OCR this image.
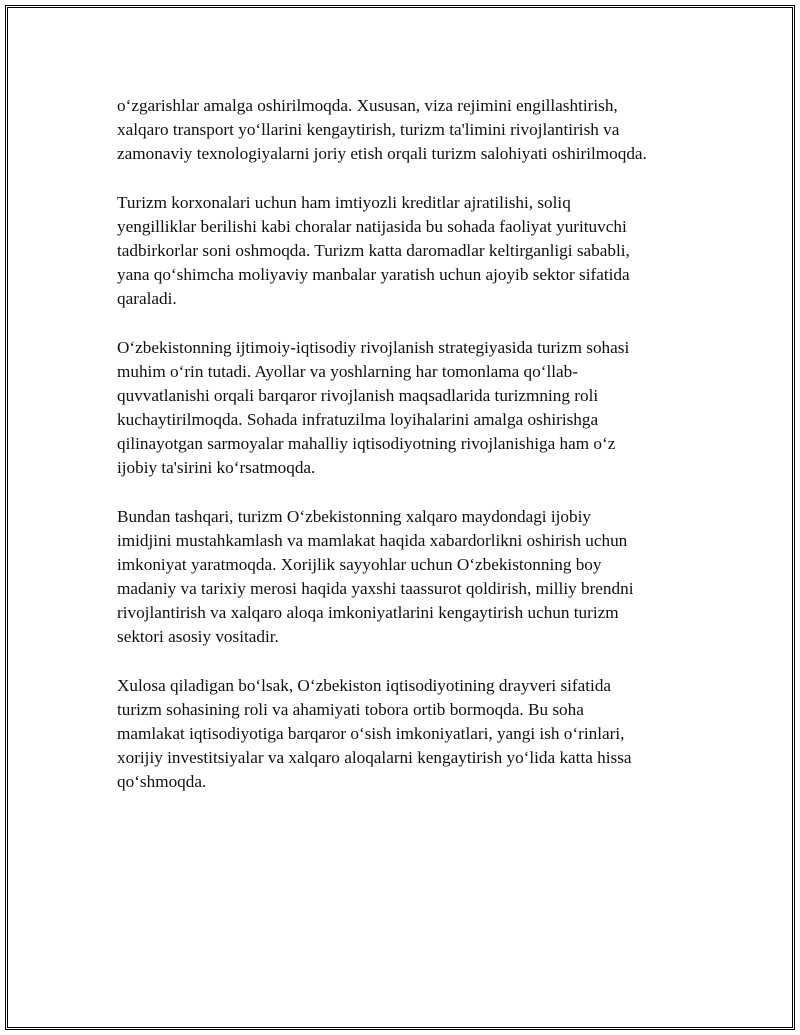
o‘zgarishlar amalga oshirilmoqda. Xususan, viza rejimini engillashtirish,
xalqaro transport yo‘llarini kengaytirish, turizm ta'limini rivojlantirish va
zamonaviy texnologiyalarni joriy etish orqali turizm salohiyati oshirilmoqda.

Turizm korxonalari uchun ham imtiyozli kreditlar ajratilishi, soliq
yengilliklar berilishi kabi choralar natijasida bu sohada faoliyat yurituvchi
tadbirkorlar soni oshmoqda. Turizm katta daromadlar keltirganligi sababli,
yana qo‘shimcha moliyaviy manbalar yaratish uchun ajoyib sektor sifatida
qaraladi.

O‘zbekistonning ijtimoiy-iqtisodiy rivojlanish strategiyasida turizm sohasi
muhim o‘rin tutadi. Ayollar va yoshlarning har tomonlama qo‘llab-
quvvatlanishi orqali barqaror rivojlanish maqsadlarida turizmning roli
kuchaytirilmoqda. Sohada infratuzilma loyihalarini amalga oshirishga
qilinayotgan sarmoyalar mahalliy iqtisodiyotning rivojlanishiga ham o‘z
ijobiy ta'sirini ko‘rsatmoqda.

Bundan tashqari, turizm O‘zbekistonning xalqaro maydondagi ijobiy
imidjini mustahkamlash va mamlakat haqida xabardorlikni oshirish uchun
imkoniyat yaratmoqda. Xorijlik sayyohlar uchun O‘zbekistonning boy
madaniy va tarixiy merosi haqida yaxshi taassurot qoldirish, milliy brendni
rivojlantirish va xalqaro aloqa imkoniyatlarini kengaytirish uchun turizm
sektori asosiy vositadir.

Xulosa qiladigan bo‘lsak, O‘zbekiston iqtisodiyotining drayveri sifatida
turizm sohasining roli va ahamiyati tobora ortib bormoqda. Bu soha
mamlakat iqtisodiyotiga barqaror o‘sish imkoniyatlari, yangi ish o‘rinlari,
xorijiy investitsiyalar va xalqaro aloqalarni kengaytirish yo‘lida katta hissa
qo‘shmoqda.
